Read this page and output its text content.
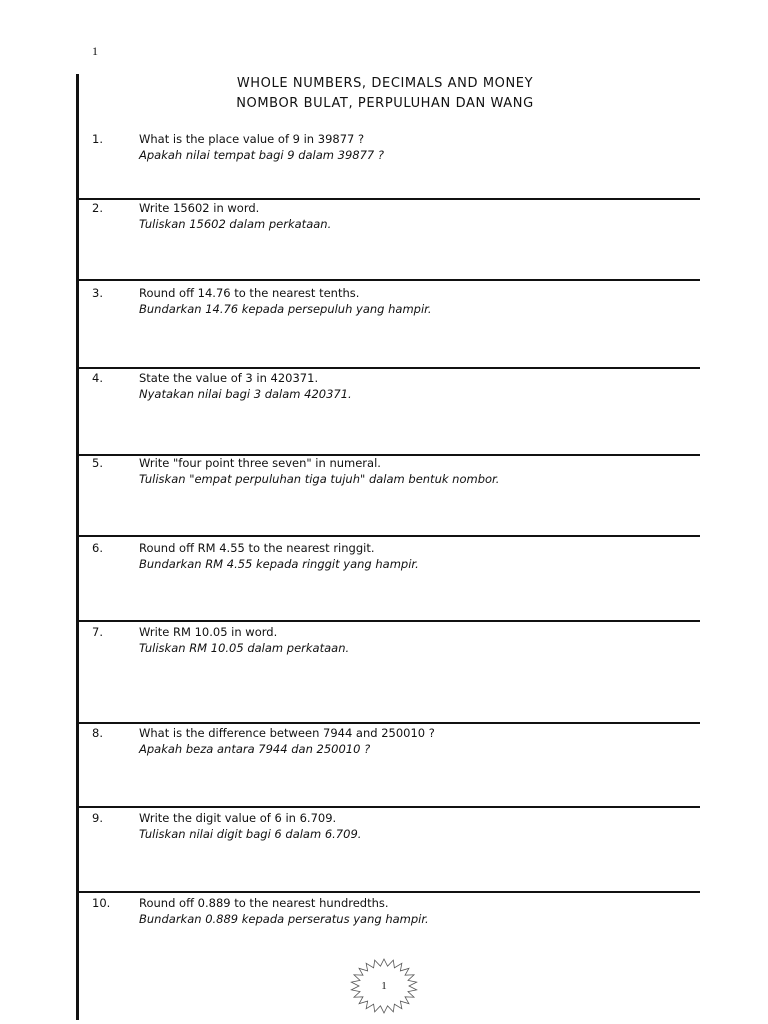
1
WHOLE NUMBERS, DECIMALS AND MONEY
NOMBOR BULAT, PERPULUHAN DAN WANG
1.	What is the place value of 9 in 39877 ?
Apakah nilai tempat bagi 9 dalam 39877 ?
2.	Write 15602 in word.
Tuliskan 15602 dalam perkataan.
3.	Round off 14.76 to the nearest tenths.
Bundarkan 14.76 kepada persepuluh yang hampir.
4.	State the value of 3 in 420371.
Nyatakan nilai bagi 3 dalam 420371.
5.	Write "four point three seven" in numeral.
Tuliskan "empat perpuluhan tiga tujuh" dalam bentuk nombor.
6.	Round off RM 4.55 to the nearest ringgit.
Bundarkan RM 4.55 kepada ringgit yang hampir.
7.	Write RM 10.05 in word.
Tuliskan RM 10.05 dalam perkataan.
8.	What is the difference between 7944 and 250010 ?
Apakah beza antara 7944 dan 250010 ?
9.	Write the digit value of 6 in 6.709.
Tuliskan nilai digit bagi 6 dalam 6.709.
10. Round off 0.889 to the nearest hundredths.
Bundarkan 0.889 kepada perseratus yang hampir.
1
